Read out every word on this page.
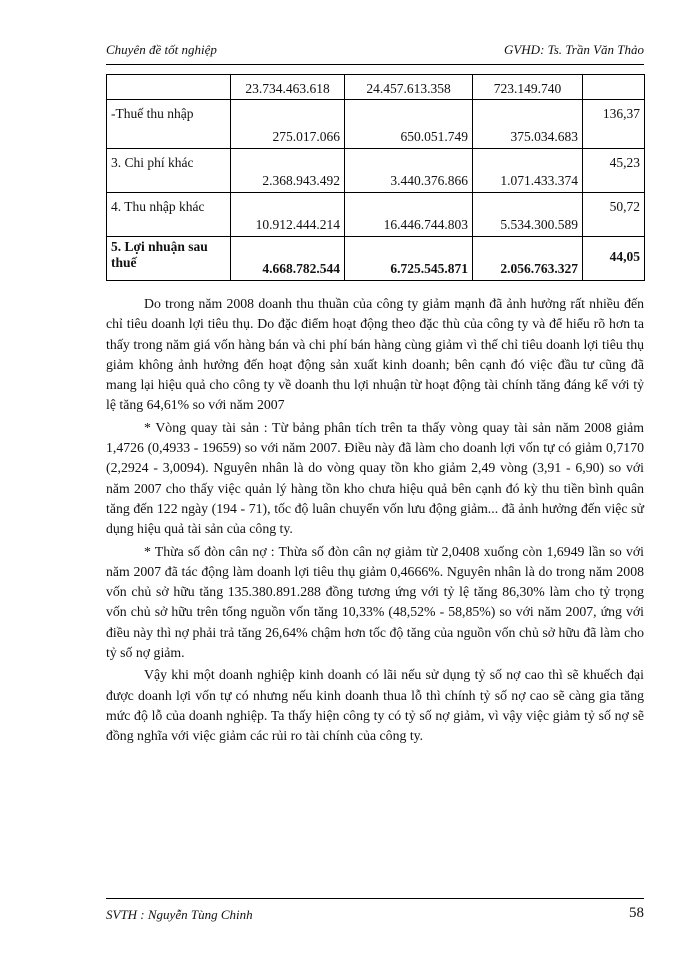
Chuyên đề tốt nghiệp	GVHD: Ts. Trần Văn Thảo
	23.734.463.618	24.457.613.358	723.149.740	
-Thuế thu nhập	275.017.066	650.051.749	375.034.683	136,37
3. Chi phí khác	2.368.943.492	3.440.376.866	1.071.433.374	45,23
4. Thu nhập khác	10.912.444.214	16.446.744.803	5.534.300.589	50,72
5. Lợi nhuận sau thuế	4.668.782.544	6.725.545.871	2.056.763.327	44,05

Do trong năm 2008 doanh thu thuần của công ty giảm mạnh đã ảnh hưởng rất nhiều đến chỉ tiêu doanh lợi tiêu thụ. Do đặc điểm hoạt động theo đặc thù của công ty và để hiểu rõ hơn ta thấy trong năm giá vốn hàng bán và chi phí bán hàng cùng giảm vì thế chỉ tiêu doanh lợi tiêu thụ giảm không ảnh hưởng đến hoạt động sản xuất kinh doanh; bên cạnh đó việc đầu tư cũng đã mang lại hiệu quả cho công ty về doanh thu lợi nhuận từ hoạt động tài chính tăng đáng kể với tỷ lệ tăng 64,61% so với năm 2007

* Vòng quay tài sản : Từ bảng phân tích trên ta thấy vòng quay tài sản năm 2008 giảm 1,4726 (0,4933 - 19659) so với năm 2007. Điều này đã làm cho doanh lợi vốn tự có giảm 0,7170 (2,2924 - 3,0094). Nguyên nhân là do vòng quay tồn kho giảm 2,49 vòng (3,91 - 6,90) so với năm 2007 cho thấy việc quản lý hàng tồn kho chưa hiệu quả bên cạnh đó kỳ thu tiền bình quân tăng đến 122 ngày (194 - 71), tốc độ luân chuyển vốn lưu động giảm... đã ảnh hưởng đến việc sử dụng hiệu quả tài sản của công ty.

* Thừa số đòn cân nợ : Thừa số đòn cân nợ giảm từ 2,0408 xuống còn 1,6949 lần so với năm 2007 đã tác động làm doanh lợi tiêu thụ giảm 0,4666%. Nguyên nhân là do trong năm 2008 vốn chủ sở hữu tăng 135.380.891.288 đồng tương ứng với tỷ lệ tăng 86,30% làm cho tỷ trọng vốn chủ sở hữu trên tổng nguồn vốn tăng 10,33% (48,52% - 58,85%) so với năm 2007, ứng với điều này thì nợ phải trả tăng 26,64% chậm hơn tốc độ tăng của nguồn vốn chủ sở hữu đã làm cho tỷ số nợ giảm.

Vậy khi một doanh nghiệp kinh doanh có lãi nếu sử dụng tỷ số nợ cao thì sẽ khuếch đại được doanh lợi vốn tự có nhưng nếu kinh doanh thua lỗ thì chính tỷ số nợ cao sẽ càng gia tăng mức độ lỗ của doanh nghiệp. Ta thấy hiện công ty có tỷ số nợ giảm, vì vậy việc giảm tỷ số nợ sẽ đồng nghĩa với việc giảm các rủi ro tài chính của công ty.

SVTH : Nguyễn Tùng Chinh	58
